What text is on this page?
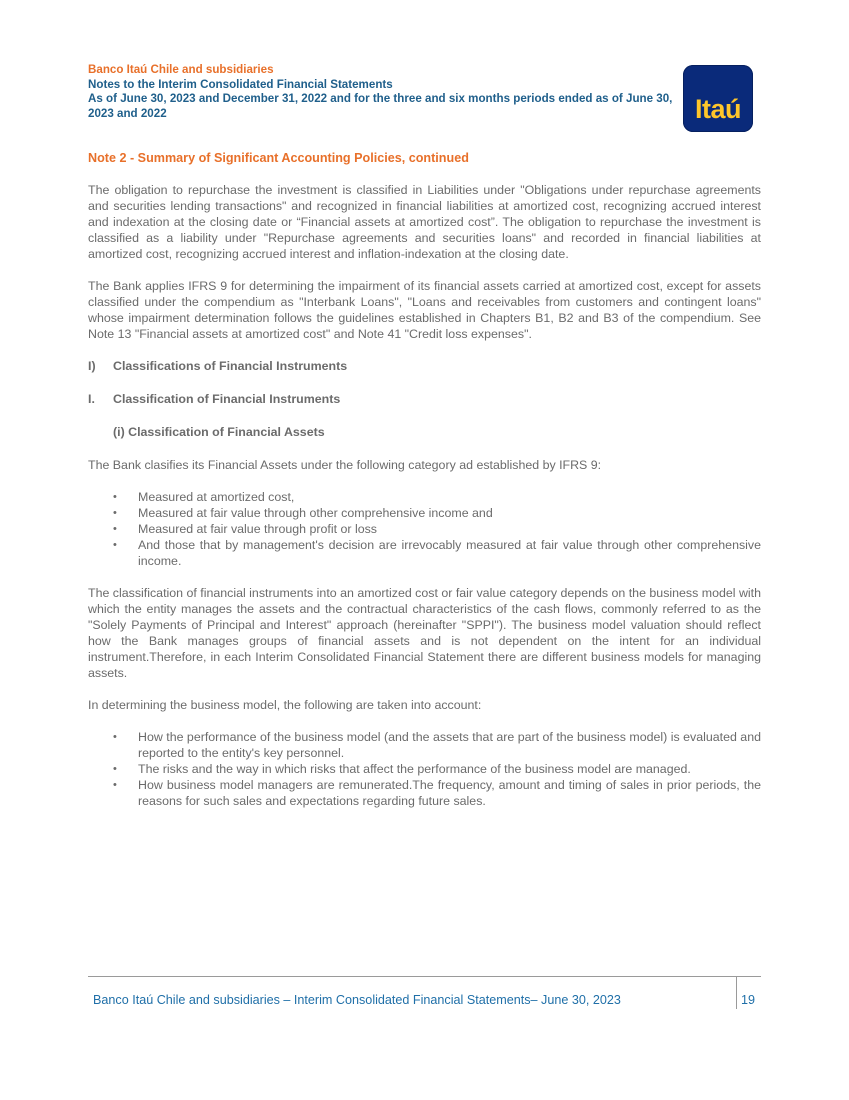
Banco Itaú Chile and subsidiaries
Notes to the Interim Consolidated Financial Statements
As of June 30, 2023 and December 31, 2022 and for the three and six months periods ended as of June 30, 2023 and 2022	Itaú
Note 2 - Summary of Significant Accounting Policies, continued

The obligation to repurchase the investment is classified in Liabilities under "Obligations under repurchase agreements and securities lending transactions" and recognized in financial liabilities at amortized cost, recognizing accrued interest and indexation at the closing date or “Financial assets at amortized cost”. The obligation to repurchase the investment is classified as a liability under "Repurchase agreements and securities loans" and recorded in financial liabilities at amortized cost, recognizing accrued interest and inflation-indexation at the closing date.

The Bank applies IFRS 9 for determining the impairment of its financial assets carried at amortized cost, except for assets classified under the compendium as "Interbank Loans", "Loans and receivables from customers and contingent loans" whose impairment determination follows the guidelines established in Chapters B1, B2 and B3 of the compendium. See Note 13 "Financial assets at amortized cost" and Note 41 "Credit loss expenses".

I)	Classifications of Financial Instruments
I.	Classification of Financial Instruments
(i) Classification of Financial Assets

The Bank clasifies its Financial Assets under the following category ad established by IFRS 9:

• Measured at amortized cost,
• Measured at fair value through other comprehensive income and
• Measured at fair value through profit or loss
• And those that by management's decision are irrevocably measured at fair value through other comprehensive income.

The classification of financial instruments into an amortized cost or fair value category depends on the business model with which the entity manages the assets and the contractual characteristics of the cash flows, commonly referred to as the "Solely Payments of Principal and Interest" approach (hereinafter "SPPI"). The business model valuation should reflect how the Bank manages groups of financial assets and is not dependent on the intent for an individual instrument.Therefore, in each Interim Consolidated Financial Statement there are different business models for managing assets.

In determining the business model, the following are taken into account:

• How the performance of the business model (and the assets that are part of the business model) is evaluated and reported to the entity's key personnel.
• The risks and the way in which risks that affect the performance of the business model are managed.
• How business model managers are remunerated.The frequency, amount and timing of sales in prior periods, the reasons for such sales and expectations regarding future sales.
Banco Itaú Chile and subsidiaries – Interim Consolidated Financial Statements– June 30, 2023	19
